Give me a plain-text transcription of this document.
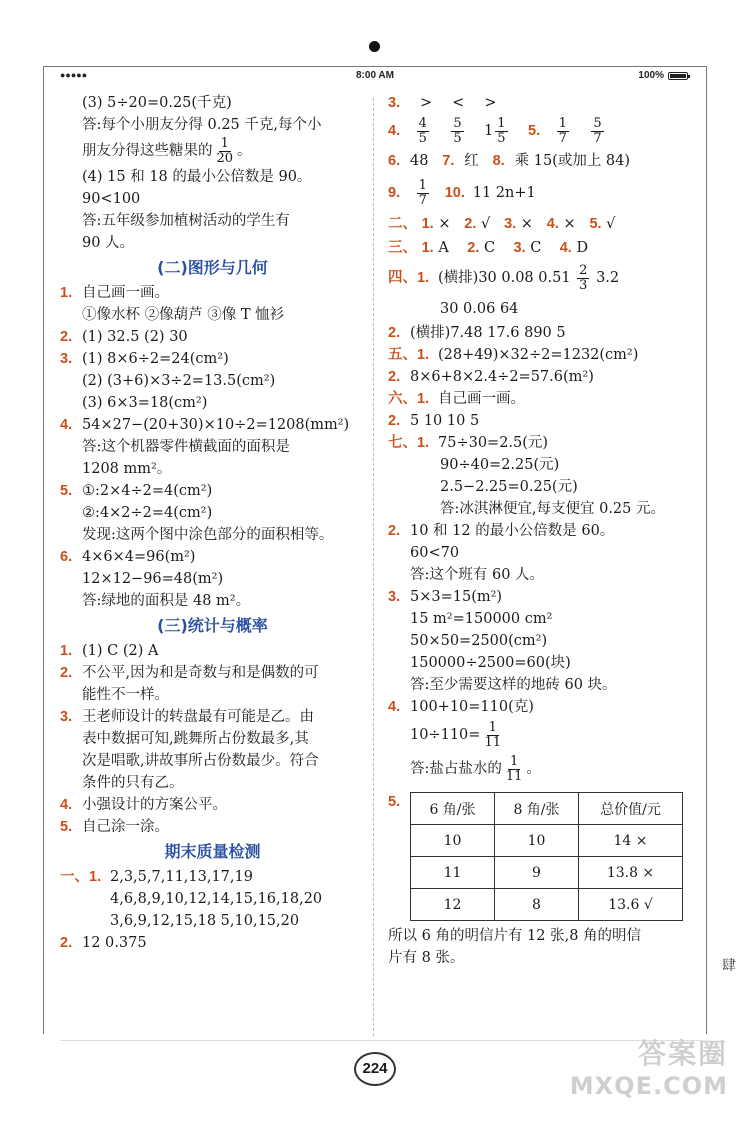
●●●●●	8:00 AM	100%
(3) 5÷20=0.25(千克)
答:每个小朋友分得 0.25 千克,每个小
朋友分得这些糖果的 $\frac{1}{20}$ 。
(4) 15 和 18 的最小公倍数是 90。
90<100
答:五年级参加植树活动的学生有
90 人。
(二)图形与几何
1. 自己画一画。
①像水杯 ②像葫芦 ③像 T 恤衫
2. (1) 32.5 (2) 30
3. (1) 8×6÷2=24(cm²)
(2) (3+6)×3÷2=13.5(cm²)
(3) 6×3=18(cm²)
4. 54×27−(20+30)×10÷2=1208(mm²)
答:这个机器零件横截面的面积是
1208 mm²。
5. ①:2×4÷2=4(cm²)
②:4×2÷2=4(cm²)
发现:这两个图中涂色部分的面积相等。
6. 4×6×4=96(m²)
12×12−96=48(m²)
答:绿地的面积是 48 m²。
(三)统计与概率
1. (1) C (2) A
2. 不公平,因为和是奇数与和是偶数的可
能性不一样。
3. 王老师设计的转盘最有可能是乙。由
表中数据可知,跳舞所占份数最多,其
次是唱歌,讲故事所占份数最少。符合
条件的只有乙。
4. 小强设计的方案公平。
5. 自己涂一涂。
期末质量检测
一、1. 2,3,5,7,11,13,17,19
4,6,8,9,10,12,14,15,16,18,20
3,6,9,12,15,18 5,10,15,20
2. 12 0.375
3. > < >
4. $\frac{4}{5}$
$\frac{5}{5} 1 \frac{1}{5} 5$. $\frac{1}{7}$
$\frac{5}{7}$
6. 48 7. 红 8. 乘 15(或加上 84)
9. $\frac{1}{7} 10$. 11 2n+1
二、 1. × 2. √ 3. × 4. × 5. √
三、 1. A 2. C 3. C 4. D
四、1. (横排)30 0.08 $0.51 \frac{2}{3} 3.2$
30 0.06 64
2. (横排)7.48 17.6 890 5
五、1. (28+49)×32÷2=1232(cm²)
2. 8×6+8×2.4÷2=57.6(m²)
六、1. 自己画一画。
2. 5 10 10 5
七、1. 75÷30=2.5(元)
90÷40=2.25(元)
2.5−2.25=0.25(元)
答:冰淇淋便宜,每支便宜 0.25 元。
2. 10 和 12 的最小公倍数是 60。
60<70
答:这个班有 60 人。
3. 5×3=15(m²)
15 m²=150000 cm²
50×50=2500(cm²)
150000÷2500=60(块)
答:至少需要这样的地砖 60 块。
4. 100+10=110(克)
$10\div 110= \frac{1}{11}$
答:盐占盐水的 $\frac{1}{11}$ 。
5.	6 角/张	8 角/张	总价值/元
10	10	14 ×
11	9	13.8 ×
12	8	13.6 √
所以 6 角的明信片有 12 张,8 角的明信
片有 8 张。	肆
224	答案圈
MXQE.COM
